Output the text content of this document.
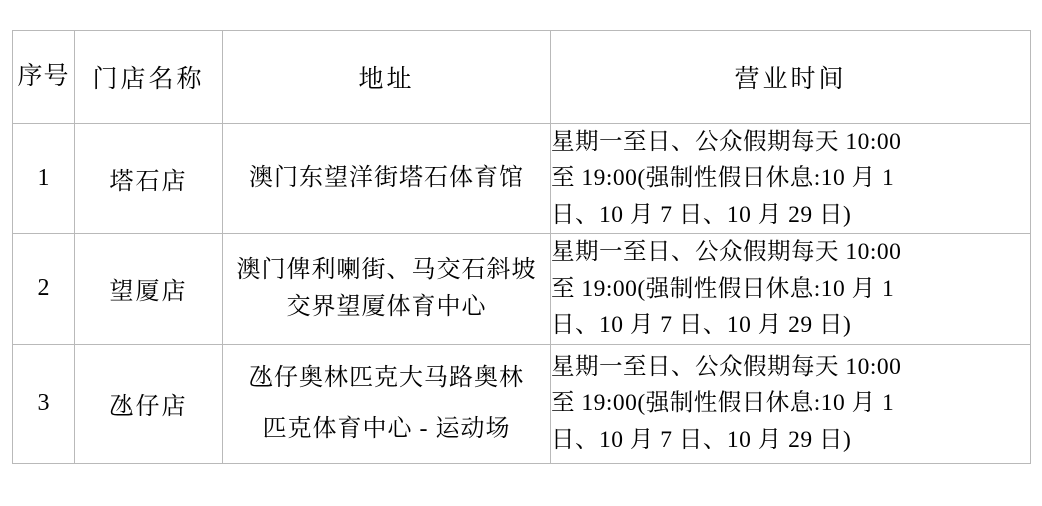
序号	门店名称	地址	营业时间
1	塔石店	澳门东望洋街塔石体育馆	星期一至日、公众假期每天 10:00
至 19:00(强制性假日休息:10 月 1
日、10 月 7 日、10 月 29 日)

2	望厦店	澳门俾利喇街、马交石斜坡
交界望厦体育中心	星期一至日、公众假期每天 10:00
至 19:00(强制性假日休息:10 月 1
日、10 月 7 日、10 月 29 日)

3	氹仔店	氹仔奥林匹克大马路奥林
匹克体育中心 - 运动场	星期一至日、公众假期每天 10:00
至 19:00(强制性假日休息:10 月 1
日、10 月 7 日、10 月 29 日)
